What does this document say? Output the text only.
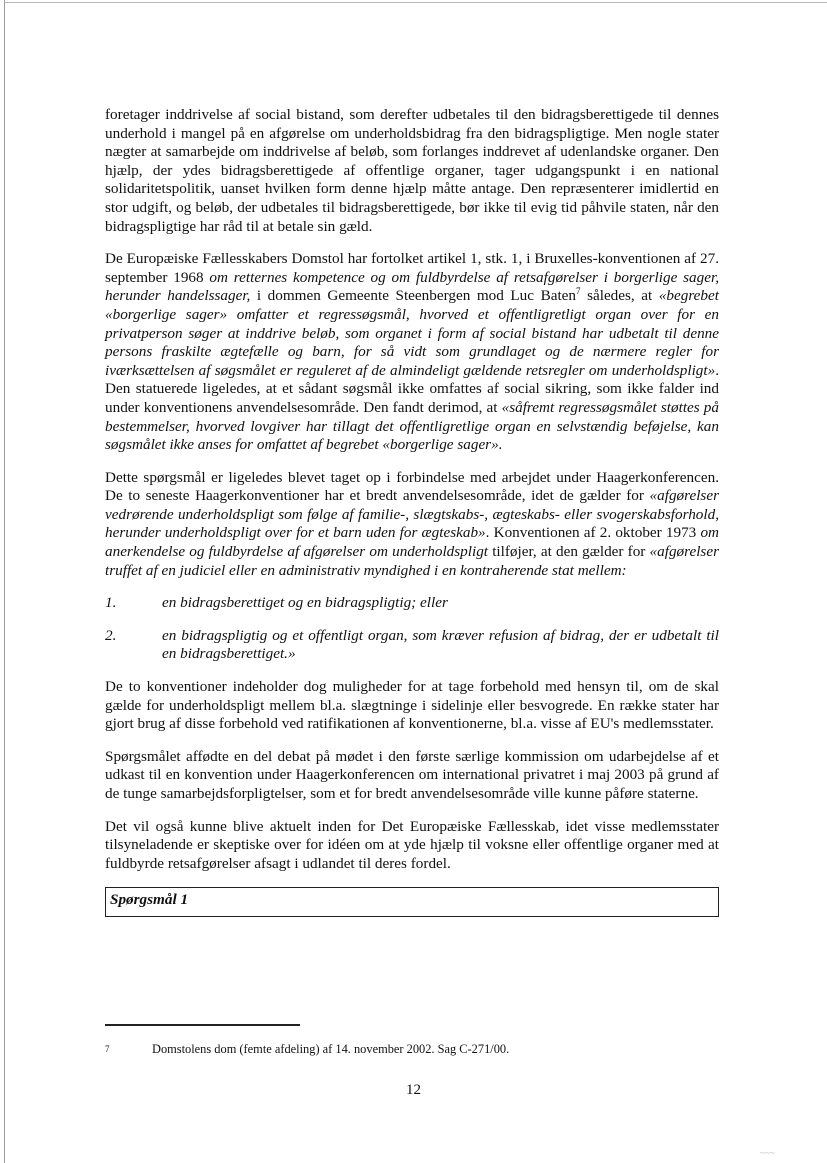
foretager inddrivelse af social bistand, som derefter udbetales til den bidragsberettigede til dennes underhold i mangel på en afgørelse om underholdsbidrag fra den bidragspligtige. Men nogle stater nægter at samarbejde om inddrivelse af beløb, som forlanges inddrevet af udenlandske organer. Den hjælp, der ydes bidragsberettigede af offentlige organer, tager udgangspunkt i en national solidaritetspolitik, uanset hvilken form denne hjælp måtte antage. Den repræsenterer imidlertid en stor udgift, og beløb, der udbetales til bidragsberettigede, bør ikke til evig tid påhvile staten, når den bidragspligtige har råd til at betale sin gæld.

De Europæiske Fællesskabers Domstol har fortolket artikel 1, stk. 1, i Bruxelles-konventionen af 27. september 1968 om retternes kompetence og om fuldbyrdelse af retsafgørelser i borgerlige sager, herunder handelssager, i dommen Gemeente Steenbergen mod Luc Baten$^7$ således, at «begrebet «borgerlige sager» omfatter et regressøgsmål, hvorved et offentligretligt organ over for en privatperson søger at inddrive beløb, som organet i form af social bistand har udbetalt til denne persons fraskilte ægtefælle og barn, for så vidt som grundlaget og de nærmere regler for iværksættelsen af søgsmålet er reguleret af de almindeligt gældende retsregler om underholdspligt». Den statuerede ligeledes, at et sådant søgsmål ikke omfattes af social sikring, som ikke falder ind under konventionens anvendelsesområde. Den fandt derimod, at «såfremt regressøgsmålet støttes på bestemmelser, hvorved lovgiver har tillagt det offentligretlige organ en selvstændig beføjelse, kan søgsmålet ikke anses for omfattet af begrebet «borgerlige sager».

Dette spørgsmål er ligeledes blevet taget op i forbindelse med arbejdet under Haagerkonferencen. De to seneste Haagerkonventioner har et bredt anvendelsesområde, idet de gælder for «afgørelser vedrørende underholdspligt som følge af familie-, slægtskabs-, ægteskabs- eller svogerskabsforhold, herunder underholdspligt over for et barn uden for ægteskab». Konventionen af 2. oktober 1973 om anerkendelse og fuldbyrdelse af afgørelser om underholdspligt tilføjer, at den gælder for «afgørelser truffet af en judiciel eller en administrativ myndighed i en kontraherende stat mellem:

1.	en bidragsberettiget og en bidragspligtig; eller
2.	en bidragspligtig og et offentligt organ, som kræver refusion af bidrag, der er udbetalt til en bidragsberettiget.»

De to konventioner indeholder dog muligheder for at tage forbehold med hensyn til, om de skal gælde for underholdspligt mellem bl.a. slægtninge i sidelinje eller besvogrede. En række stater har gjort brug af disse forbehold ved ratifikationen af konventionerne, bl.a. visse af EU's medlemsstater.

Spørgsmålet affødte en del debat på mødet i den første særlige kommission om udarbejdelse af et udkast til en konvention under Haagerkonferencen om international privatret i maj 2003 på grund af de tunge samarbejdsforpligtelser, som et for bredt anvendelsesområde ville kunne påføre staterne.

Det vil også kunne blive aktuelt inden for Det Europæiske Fællesskab, idet visse medlemsstater tilsyneladende er skeptiske over for idéen om at yde hjælp til voksne eller offentlige organer med at fuldbyrde retsafgørelser afsagt i udlandet til deres fordel.

Spørgsmål 1
7	Domstolens dom (femte afdeling) af 14. november 2002. Sag C-271/00.
12
~~~
